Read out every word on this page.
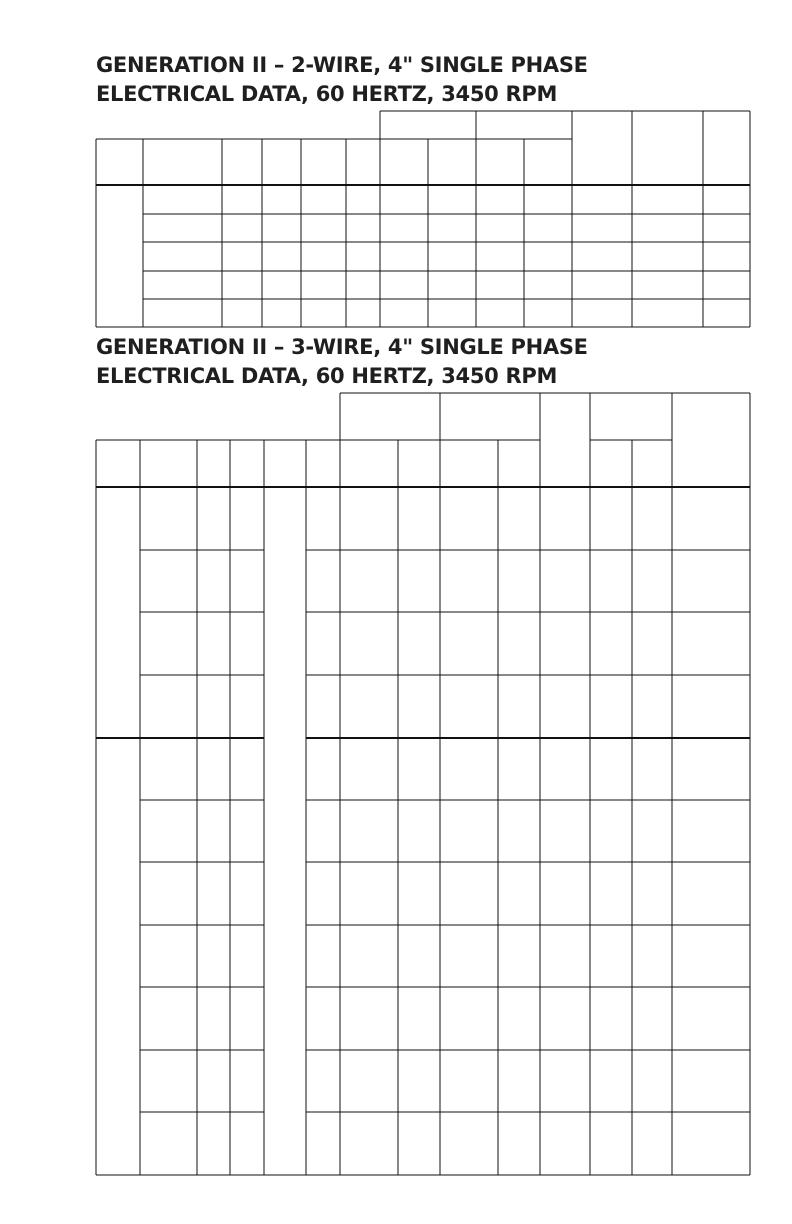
GENERATION II – 2-WIRE, 4" SINGLE PHASE
ELECTRICAL DATA, 60 HERTZ, 3450 RPM
GENERATION II – 3-WIRE, 4" SINGLE PHASE
ELECTRICAL DATA, 60 HERTZ, 3450 RPM
